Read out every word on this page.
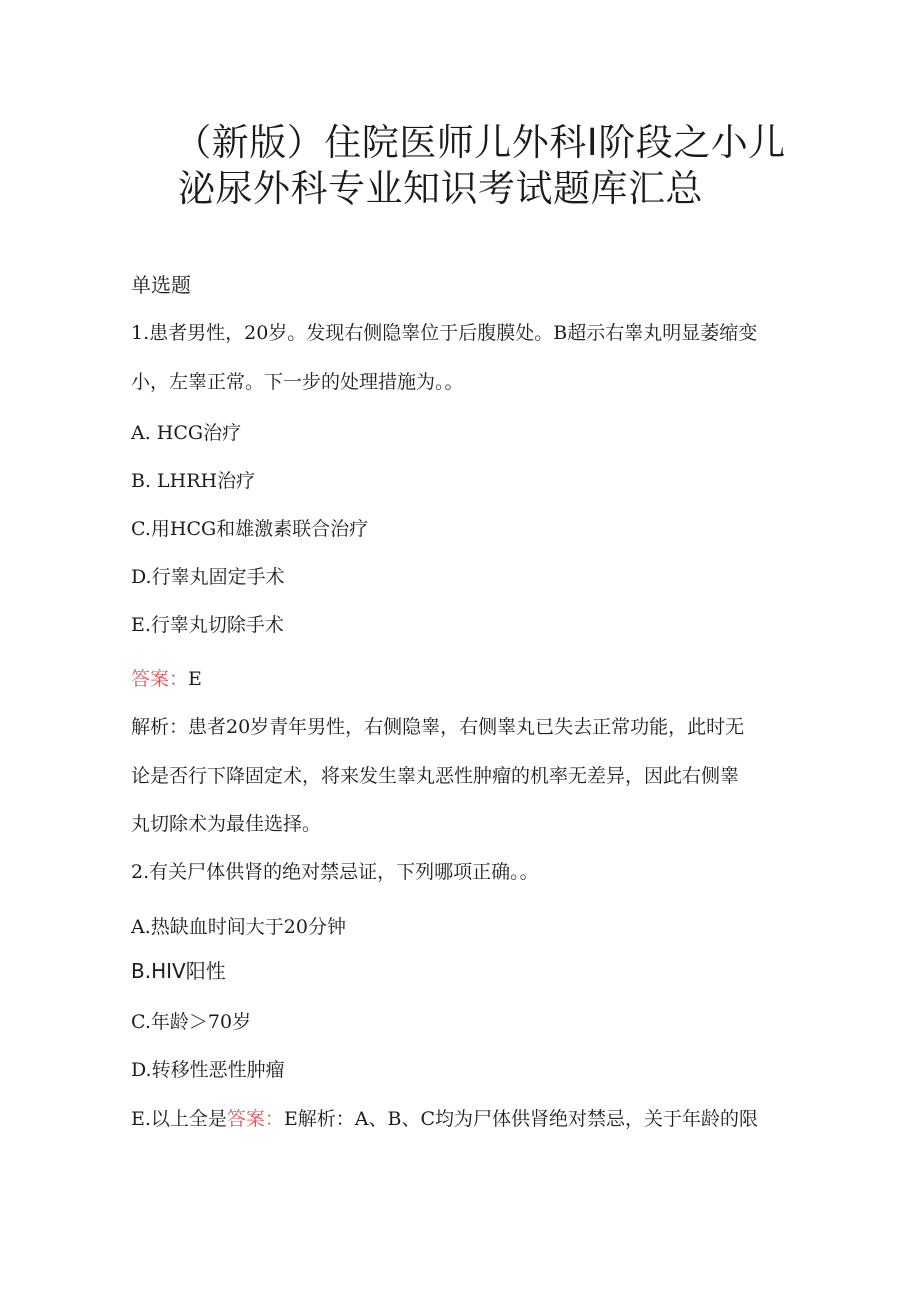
（新版）住院医师儿外科Ⅰ阶段之小儿
泌尿外科专业知识考试题库汇总
单选题
1.患者男性，20岁。发现右侧隐睾位于后腹膜处。B超示右睾丸明显萎缩变
小，左睾正常。下一步的处理措施为。。
A. HCG治疗
B. LHRH治疗
C.用HCG和雄激素联合治疗
D.行睾丸固定手术
E.行睾丸切除手术
答案：E
解析：患者20岁青年男性，右侧隐睾，右侧睾丸已失去正常功能，此时无
论是否行下降固定术，将来发生睾丸恶性肿瘤的机率无差异，因此右侧睾
丸切除术为最佳选择。
2.有关尸体供肾的绝对禁忌证，下列哪项正确。。
A.热缺血时间大于20分钟
B.HIV阳性
C.年龄＞70岁
D.转移性恶性肿瘤
E.以上全是答案：E解析：A、B、C均为尸体供肾绝对禁忌，关于年龄的限
